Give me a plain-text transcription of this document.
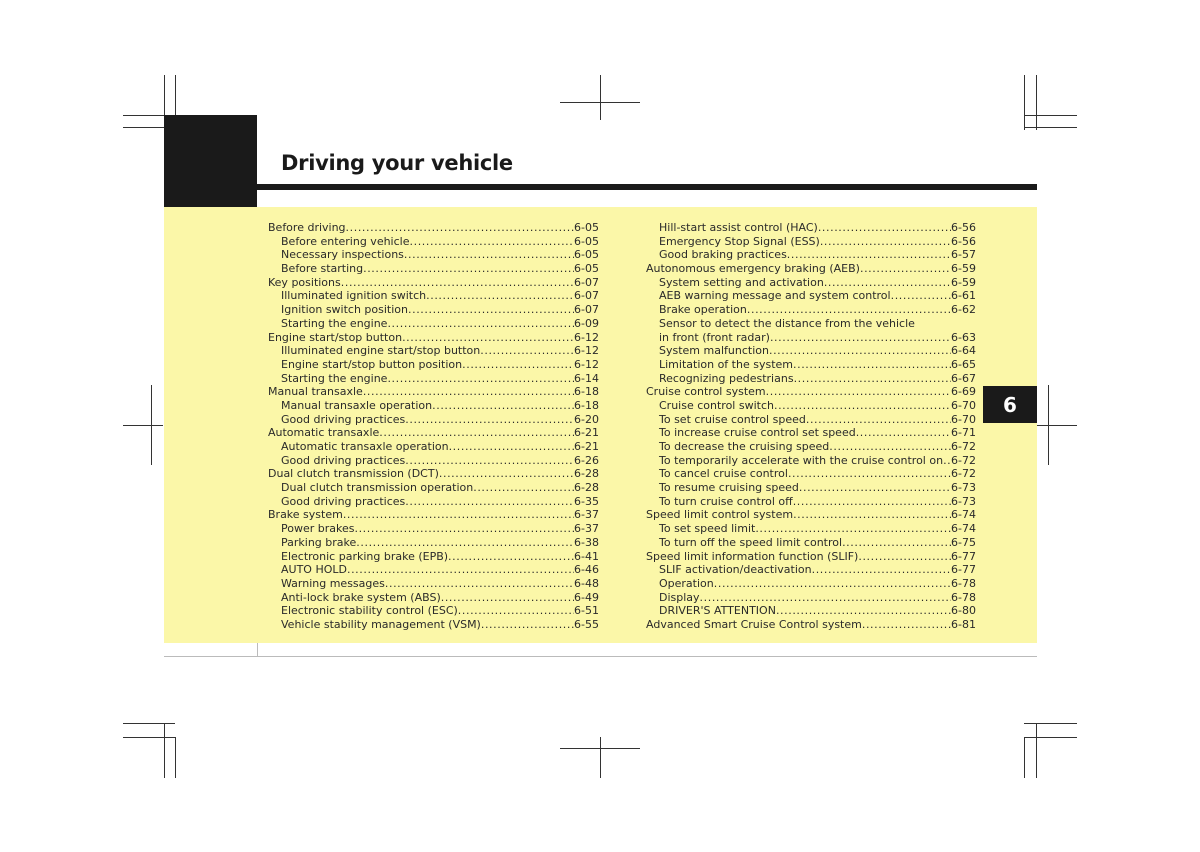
Driving your vehicle
6
Before driving .....	6-05
Before entering vehicle .....	6-05
Necessary inspections .....	6-05
Before starting .....	6-05
Key positions .....	6-07
Illuminated ignition switch .....	6-07
Ignition switch position .....	6-07
Starting the engine .....	6-09
Engine start/stop button .....	6-12
Illuminated engine start/stop button .....	6-12
Engine start/stop button position .....	6-12
Starting the engine .....	6-14
Manual transaxle .....	6-18
Manual transaxle operation .....	6-18
Good driving practices .....	6-20
Automatic transaxle .....	6-21
Automatic transaxle operation .....	6-21
Good driving practices .....	6-26
Dual clutch transmission (DCT) .....	6-28
Dual clutch transmission operation .....	6-28
Good driving practices .....	6-35
Brake system .....	6-37
Power brakes .....	6-37
Parking brake .....	6-38
Electronic parking brake (EPB) .....	6-41
AUTO HOLD .....	6-46
Warning messages .....	6-48
Anti-lock brake system (ABS) .....	6-49
Electronic stability control (ESC) .....	6-51
Vehicle stability management (VSM) .....	6-55
Hill-start assist control (HAC) .....	6-56
Emergency Stop Signal (ESS) .....	6-56
Good braking practices .....	6-57
Autonomous emergency braking (AEB) .....	6-59
System setting and activation .....	6-59
AEB warning message and system control .....	6-61
Brake operation .....	6-62
Sensor to detect the distance from the vehicle
in front (front radar) .....	6-63
System malfunction .....	6-64
Limitation of the system .....	6-65
Recognizing pedestrians .....	6-67
Cruise control system .....	6-69
Cruise control switch .....	6-70
To set cruise control speed .....	6-70
To increase cruise control set speed .....	6-71
To decrease the cruising speed .....	6-72
To temporarily accelerate with the cruise control on ..... 6-72
To cancel cruise control .....	6-72
To resume cruising speed .....	6-73
To turn cruise control off .....	6-73
Speed limit control system .....	6-74
To set speed limit .....	6-74
To turn off the speed limit control .....	6-75
Speed limit information function (SLIF) .....	6-77
SLIF activation/deactivation .....	6-77
Operation .....	6-78
Display .....	6-78
DRIVER'S ATTENTION .....	6-80
Advanced Smart Cruise Control system .....	6-81
